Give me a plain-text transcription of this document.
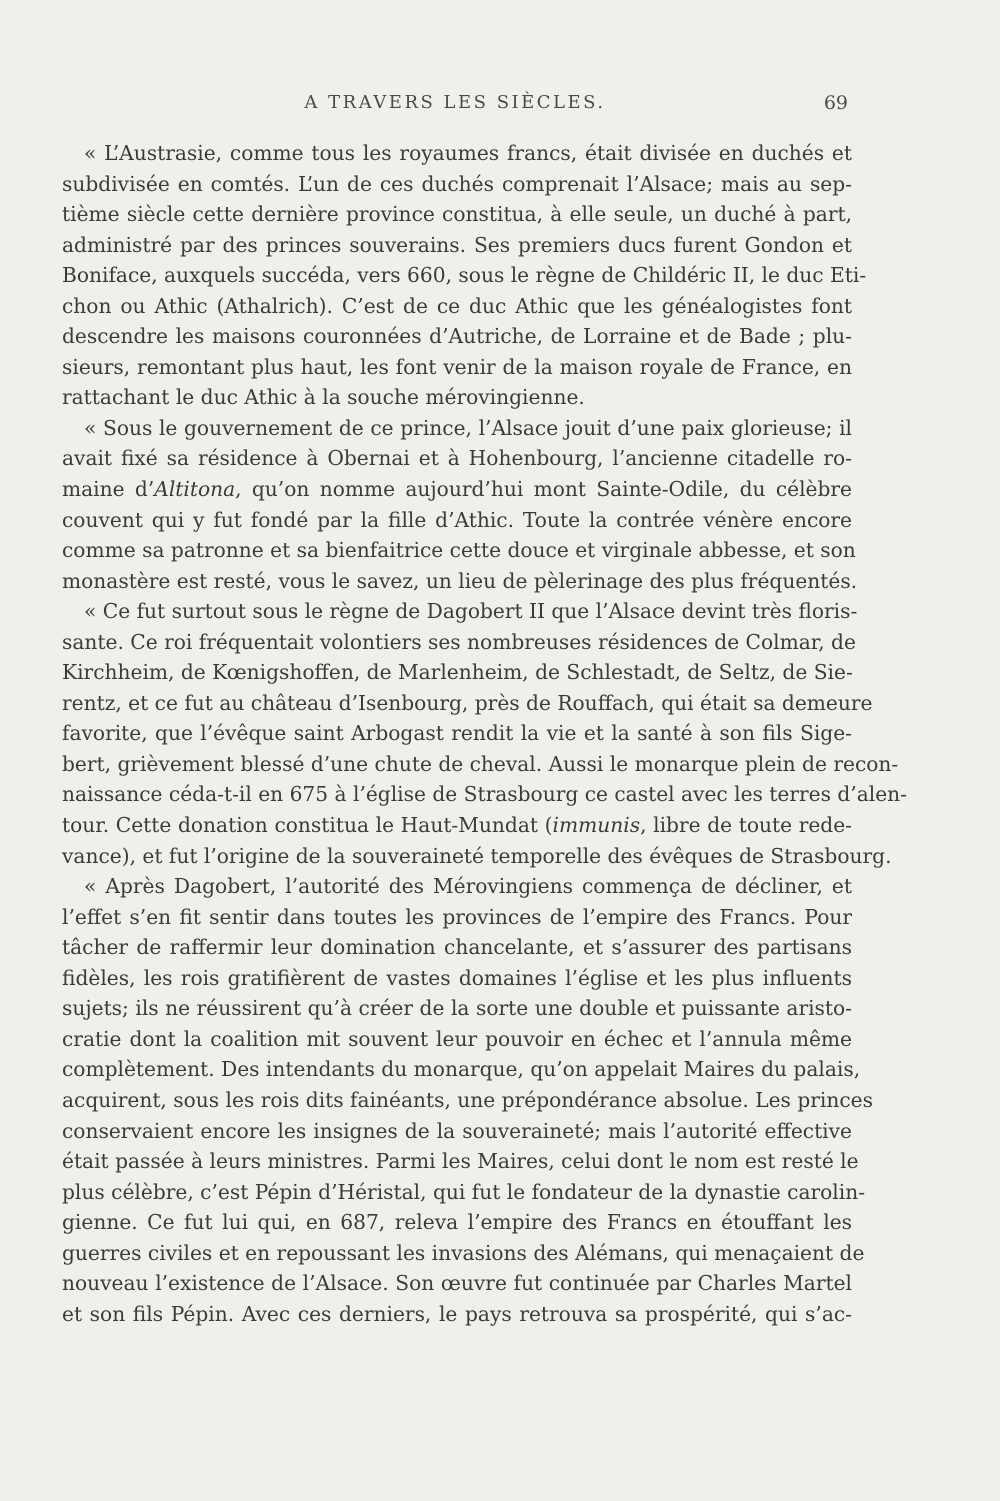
A TRAVERS LES SIÈCLES.	69
« L’Austrasie, comme tous les royaumes francs, était divisée en duchés et
subdivisée en comtés. L’un de ces duchés comprenait l’Alsace; mais au sep-
tième siècle cette dernière province constitua, à elle seule, un duché à part,
administré par des princes souverains. Ses premiers ducs furent Gondon et
Boniface, auxquels succéda, vers 660, sous le règne de Childéric II, le duc Eti-
chon ou Athic (Athalrich). C’est de ce duc Athic que les généalogistes font
descendre les maisons couronnées d’Autriche, de Lorraine et de Bade ; plu-
sieurs, remontant plus haut, les font venir de la maison royale de France, en
rattachant le duc Athic à la souche mérovingienne.
« Sous le gouvernement de ce prince, l’Alsace jouit d’une paix glorieuse; il
avait fixé sa résidence à Obernai et à Hohenbourg, l’ancienne citadelle ro-
maine d’Altitona, qu’on nomme aujourd’hui mont Sainte-Odile, du célèbre
couvent qui y fut fondé par la fille d’Athic. Toute la contrée vénère encore
comme sa patronne et sa bienfaitrice cette douce et virginale abbesse, et son
monastère est resté, vous le savez, un lieu de pèlerinage des plus fréquentés.
« Ce fut surtout sous le règne de Dagobert II que l’Alsace devint très floris-
sante. Ce roi fréquentait volontiers ses nombreuses résidences de Colmar, de
Kirchheim, de Kœnigshoffen, de Marlenheim, de Schlestadt, de Seltz, de Sie-
rentz, et ce fut au château d’Isenbourg, près de Rouffach, qui était sa demeure
favorite, que l’évêque saint Arbogast rendit la vie et la santé à son fils Sige-
bert, grièvement blessé d’une chute de cheval. Aussi le monarque plein de recon-
naissance céda-t-il en 675 à l’église de Strasbourg ce castel avec les terres d’alen-
tour. Cette donation constitua le Haut-Mundat (immunis, libre de toute rede-
vance), et fut l’origine de la souveraineté temporelle des évêques de Strasbourg.
« Après Dagobert, l’autorité des Mérovingiens commença de décliner, et
l’effet s’en fit sentir dans toutes les provinces de l’empire des Francs. Pour
tâcher de raffermir leur domination chancelante, et s’assurer des partisans
fidèles, les rois gratifièrent de vastes domaines l’église et les plus influents
sujets; ils ne réussirent qu’à créer de la sorte une double et puissante aristo-
cratie dont la coalition mit souvent leur pouvoir en échec et l’annula même
complètement. Des intendants du monarque, qu’on appelait Maires du palais,
acquirent, sous les rois dits fainéants, une prépondérance absolue. Les princes
conservaient encore les insignes de la souveraineté; mais l’autorité effective
était passée à leurs ministres. Parmi les Maires, celui dont le nom est resté le
plus célèbre, c’est Pépin d’Héristal, qui fut le fondateur de la dynastie carolin-
gienne. Ce fut lui qui, en 687, releva l’empire des Francs en étouffant les
guerres civiles et en repoussant les invasions des Alémans, qui menaçaient de
nouveau l’existence de l’Alsace. Son œuvre fut continuée par Charles Martel
et son fils Pépin. Avec ces derniers, le pays retrouva sa prospérité, qui s’ac-
